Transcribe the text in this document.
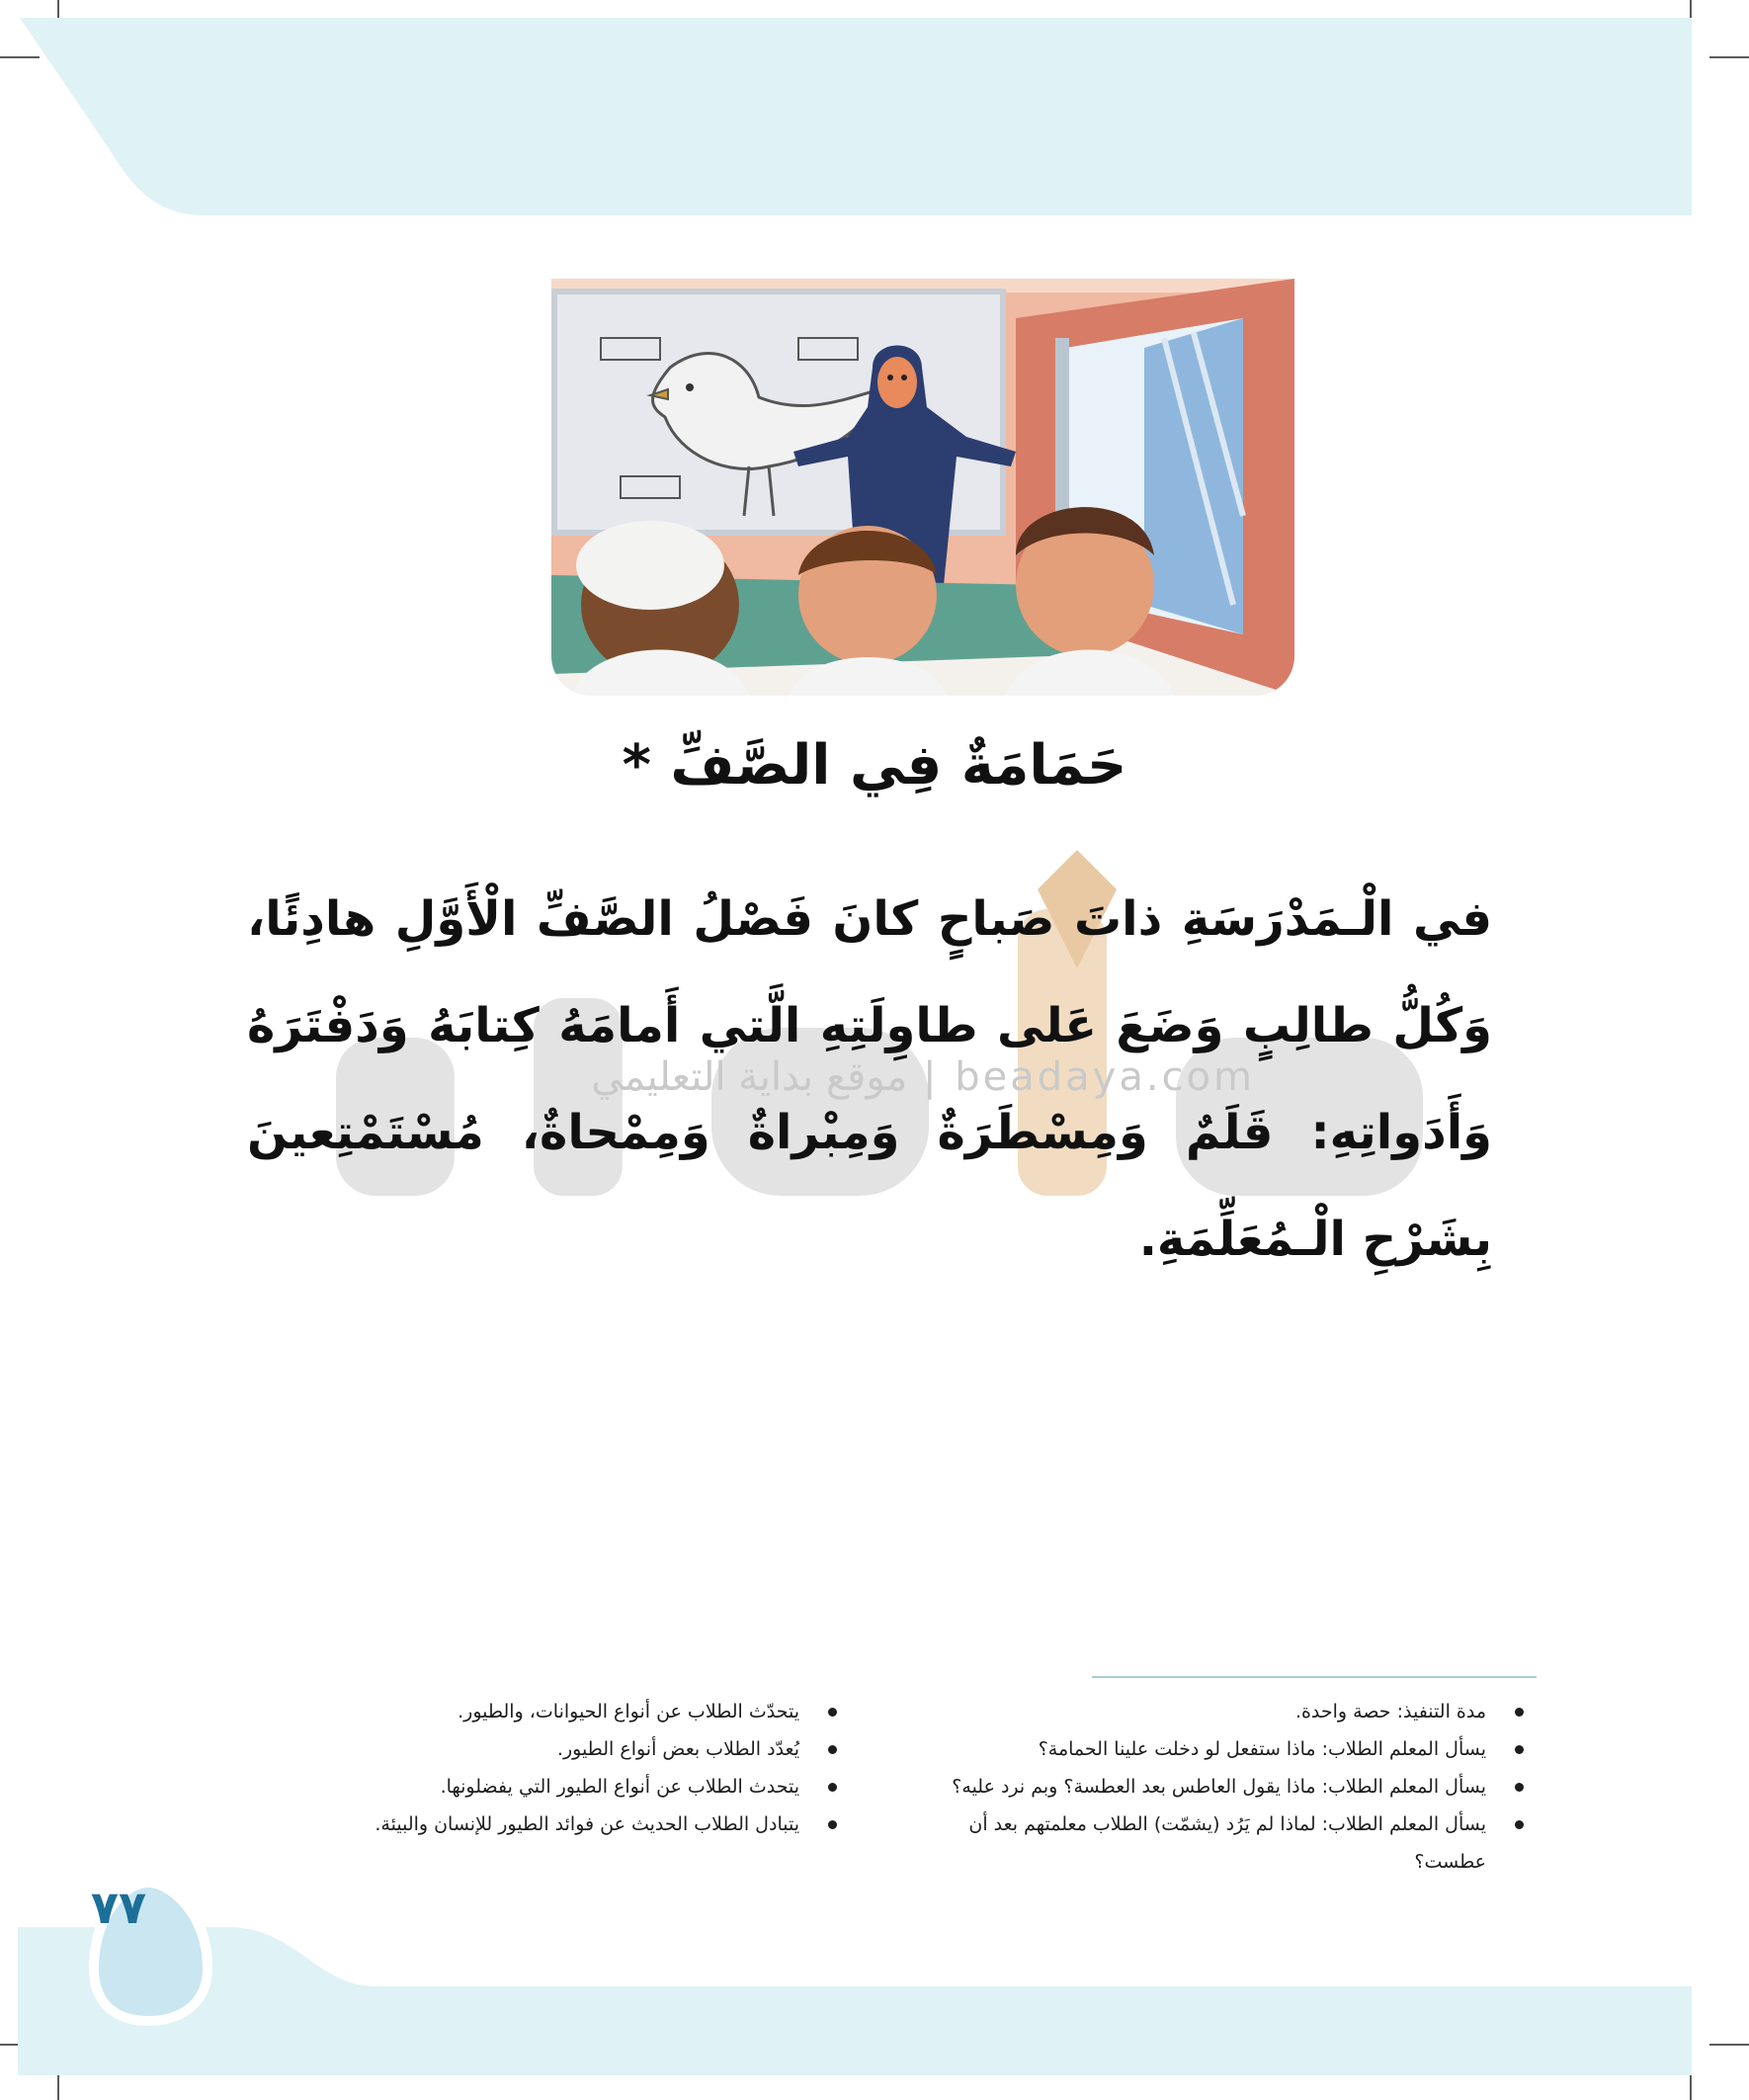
حَمَامَةٌ فِي الصَّفِّ *
beadaya.com | موقع بداية التعليمي
في الْـمَدْرَسَةِ ذاتَ صَباحٍ كانَ فَصْلُ الصَّفِّ الْأَوَّلِ هادِئًا،
وَكُلُّ طالِبٍ وَضَعَ عَلى طاوِلَتِهِ الَّتي أَمامَهُ كِتابَهُ وَدَفْتَرَهُ
وَأَدَواتِهِ: قَلَمٌ وَمِسْطَرَةٌ وَمِبْراةٌ وَمِمْحاةٌ، مُسْتَمْتِعينَ
بِشَرْحِ الْـمُعَلِّمَةِ.
مدة التنفيذ: حصة واحدة.
يسأل المعلم الطلاب: ماذا ستفعل لو دخلت علينا الحمامة؟
يسأل المعلم الطلاب: ماذا يقول العاطس بعد العطسة؟ وبم نرد عليه؟
يسأل المعلم الطلاب: لماذا لم يَرُد (يشمّت) الطلاب معلمتهم بعد أن عطست؟
يتحدّث الطلاب عن أنواع الحيوانات، والطيور.
يُعدّد الطلاب بعض أنواع الطيور.
يتحدث الطلاب عن أنواع الطيور التي يفضلونها.
يتبادل الطلاب الحديث عن فوائد الطيور للإنسان والبيئة.
٧٧
